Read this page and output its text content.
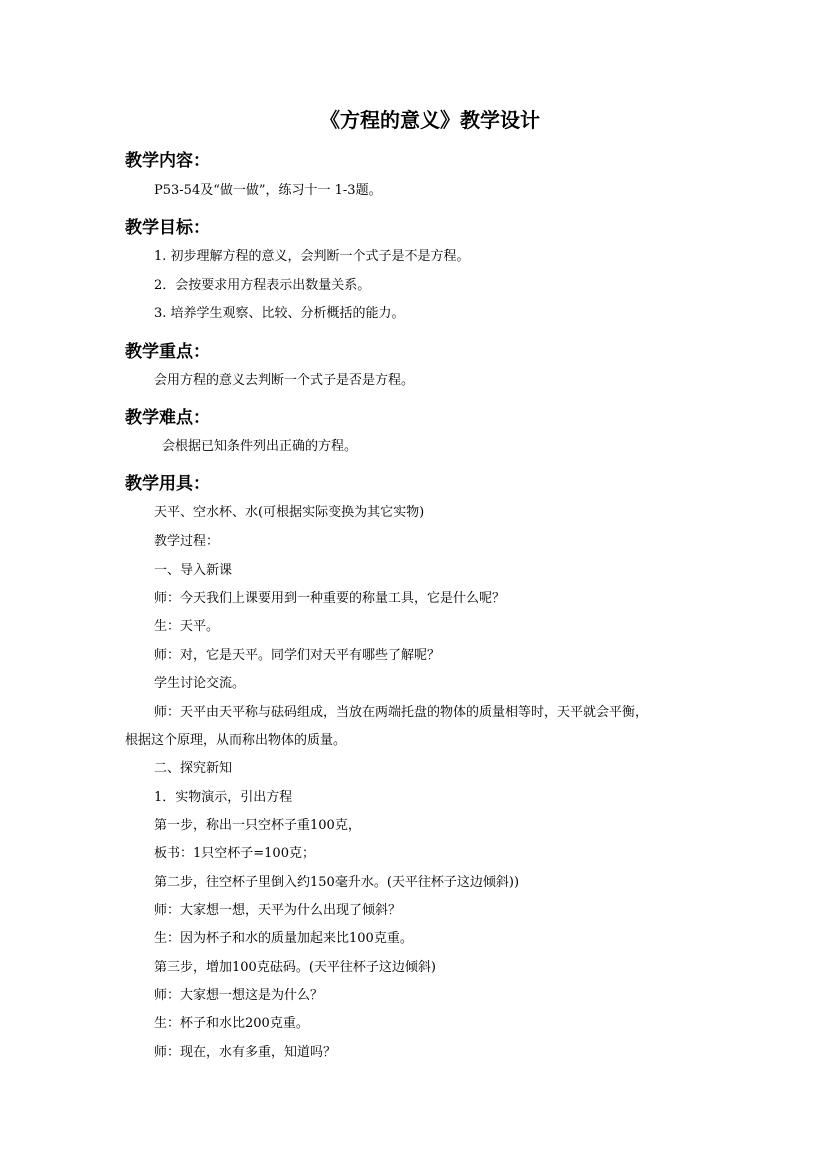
《方程的意义》教学设计
教学内容：
P53-54及“做一做”，练习十一 1-3题。
教学目标：
1. 初步理解方程的意义，会判断一个式子是不是方程。
2．会按要求用方程表示出数量关系。
3. 培养学生观察、比较、分析概括的能力。
教学重点：
会用方程的意义去判断一个式子是否是方程。
教学难点：
会根据已知条件列出正确的方程。
教学用具：
天平、空水杯、水(可根据实际变换为其它实物)
教学过程：
一、导入新课
师：今天我们上课要用到一种重要的称量工具，它是什么呢？
生：天平。
师：对，它是天平。同学们对天平有哪些了解呢？
学生讨论交流。
师：天平由天平称与砝码组成，当放在两端托盘的物体的质量相等时，天平就会平衡，
根据这个原理，从而称出物体的质量。
二、探究新知
1．实物演示，引出方程
第一步，称出一只空杯子重100克，
板书：1只空杯子=100克；
第二步，往空杯子里倒入约150毫升水。(天平往杯子这边倾斜))
师：大家想一想，天平为什么出现了倾斜？
生：因为杯子和水的质量加起来比100克重。
第三步，增加100克砝码。(天平往杯子这边倾斜)
师：大家想一想这是为什么？
生：杯子和水比200克重。
师：现在，水有多重，知道吗？
